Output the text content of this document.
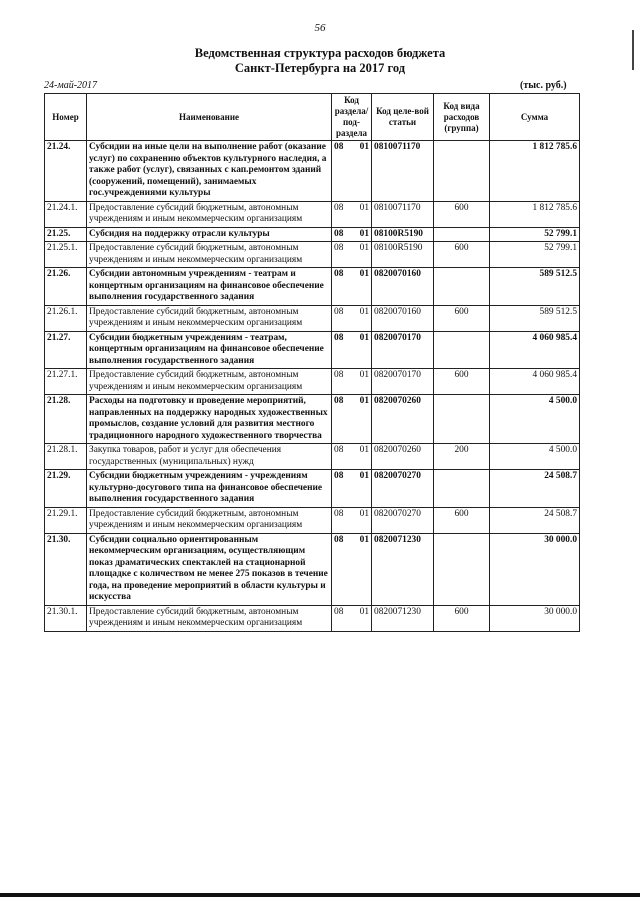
56
Ведомственная структура расходов бюджета
Санкт-Петербурга на 2017 год
24-май-2017	(тыс. руб.)
Номер	Наименование	Код раздела/ под-раздела	Код целе-вой статьи	Код вида расходов (группа)	Сумма
21.24.	Субсидии на иные цели на выполнение работ (оказание услуг) по сохранению объектов культурного наследия, а также работ (услуг), связанных с кап.ремонтом зданий (сооружений, помещений), занимаемых гос.учреждениями культуры	08 01	0810071170		1 812 785.6
21.24.1.	Предоставление субсидий бюджетным, автономным учреждениям и иным некоммерческим организациям	08 01	0810071170	600	1 812 785.6
21.25.	Субсидия на поддержку отрасли культуры	08 01	08100R5190		52 799.1
21.25.1.	Предоставление субсидий бюджетным, автономным учреждениям и иным некоммерческим организациям	08 01	08100R5190	600	52 799.1
21.26.	Субсидии автономным учреждениям - театрам и концертным организациям на финансовое обеспечение выполнения государственного задания	08 01	0820070160		589 512.5
21.26.1.	Предоставление субсидий бюджетным, автономным учреждениям и иным некоммерческим организациям	08 01	0820070160	600	589 512.5
21.27.	Субсидии бюджетным учреждениям - театрам, концертным организациям на финансовое обеспечение выполнения государственного задания	08 01	0820070170		4 060 985.4
21.27.1.	Предоставление субсидий бюджетным, автономным учреждениям и иным некоммерческим организациям	08 01	0820070170	600	4 060 985.4
21.28.	Расходы на подготовку и проведение мероприятий, направленных на поддержку народных художественных промыслов, создание условий для развития местного традиционного народного художественного творчества	08 01	0820070260		4 500.0
21.28.1.	Закупка товаров, работ и услуг для обеспечения государственных (муниципальных) нужд	08 01	0820070260	200	4 500.0
21.29.	Субсидии бюджетным учреждениям - учреждениям культурно-досугового типа на финансовое обеспечение выполнения государственного задания	08 01	0820070270		24 508.7
21.29.1.	Предоставление субсидий бюджетным, автономным учреждениям и иным некоммерческим организациям	08 01	0820070270	600	24 508.7
21.30.	Субсидии социально ориентированным некоммерческим организациям, осуществляющим показ драматических спектаклей на стационарной площадке с количеством не менее 275 показов в течение года, на проведение мероприятий в области культуры и искусства	08 01	0820071230		30 000.0
21.30.1.	Предоставление субсидий бюджетным, автономным учреждениям и иным некоммерческим организациям	08 01	0820071230	600	30 000.0
